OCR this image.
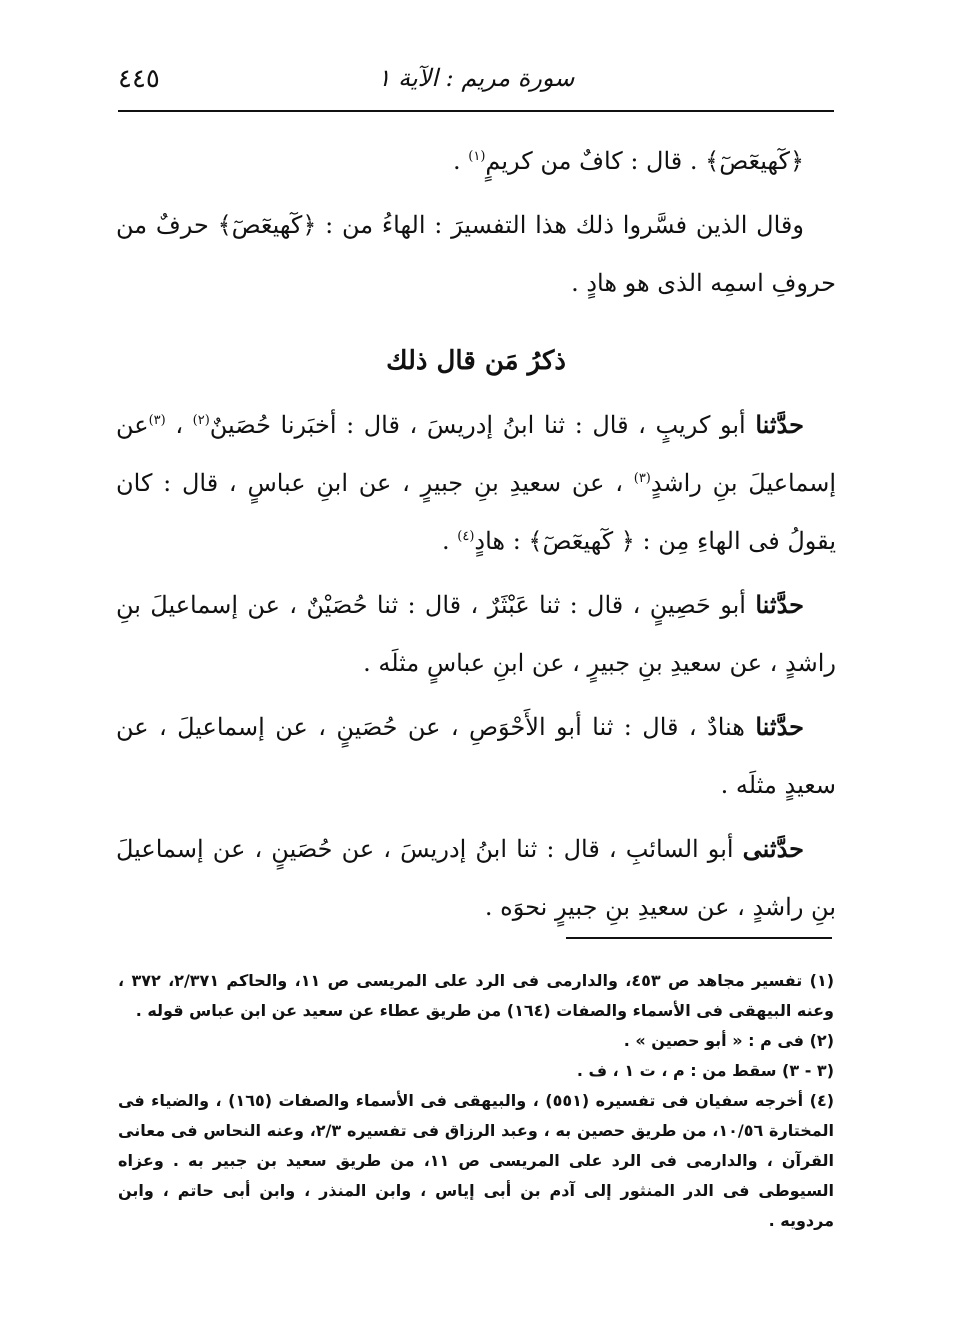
٤٤٥	سورة مريم : الآية ١

﴿كٓهيعٓصٓ﴾ . قال : كافٌ من كريمٍ$^{(١)}$ .

وقال الذين فسَّروا ذلك هذا التفسيرَ : الهاءُ من : ﴿كٓهيعٓصٓ﴾ حرفٌ من حروفِ اسمِه الذى هو هادٍ .

ذكرُ مَن قال ذلك

حدَّثنا أبو كريبٍ ، قال : ثنا ابنُ إدريسَ ، قال : أخبَرنا حُصَينٌ$^{(٢)}$ ، $^{(٣)}$عن إسماعيلَ بنِ راشدٍ$^{(٣)}$ ، عن سعيدِ بنِ جبيرٍ ، عن ابنِ عباسٍ ، قال : كان يقولُ فى الهاءِ مِن : ﴿ كٓهيعٓصٓ﴾ : هادٍ$^{(٤)}$ .

حدَّثنا أبو حَصِينٍ ، قال : ثنا عَبْثَرٌ ، قال : ثنا حُصَيْنٌ ، عن إسماعيلَ بنِ راشدٍ ، عن سعيدِ بنِ جبيرٍ ، عن ابنِ عباسٍ مثلَه .

حدَّثنا هنادٌ ، قال : ثنا أبو الأَحْوَصِ ، عن حُصَينٍ ، عن إسماعيلَ ، عن سعيدٍ مثلَه .

حدَّثنى أبو السائبِ ، قال : ثنا ابنُ إدريسَ ، عن حُصَينٍ ، عن إسماعيلَ بنِ راشدٍ ، عن سعيدِ بنِ جبيرٍ نحوَه .

(١) تفسير مجاهد ص ٤٥٣، والدارمى فى الرد على المريسى ص ١١، والحاكم ٢/٣٧١، ٣٧٢ ، وعنه البيهقى فى الأسماء والصفات (١٦٤) من طريق عطاء عن سعيد عن ابن عباس قوله .

(٢) فى م : « أبو حصين » .

(٣ - ٣) سقط من : م ، ت ١ ، ف .

(٤) أخرجه سفيان فى تفسيره (٥٥١) ، والبيهقى فى الأسماء والصفات (١٦٥) ، والضياء فى المختارة ١٠/٥٦، من طريق حصين به ، وعبد الرزاق فى تفسيره ٢/٣، وعنه النحاس فى معانى القرآن ، والدارمى فى الرد على المريسى ص ١١، من طريق سعيد بن جبير به . وعزاه السيوطى فى الدر المنثور إلى آدم بن أبى إياس ، وابن المنذر ، وابن أبى حاتم ، وابن مردويه .
